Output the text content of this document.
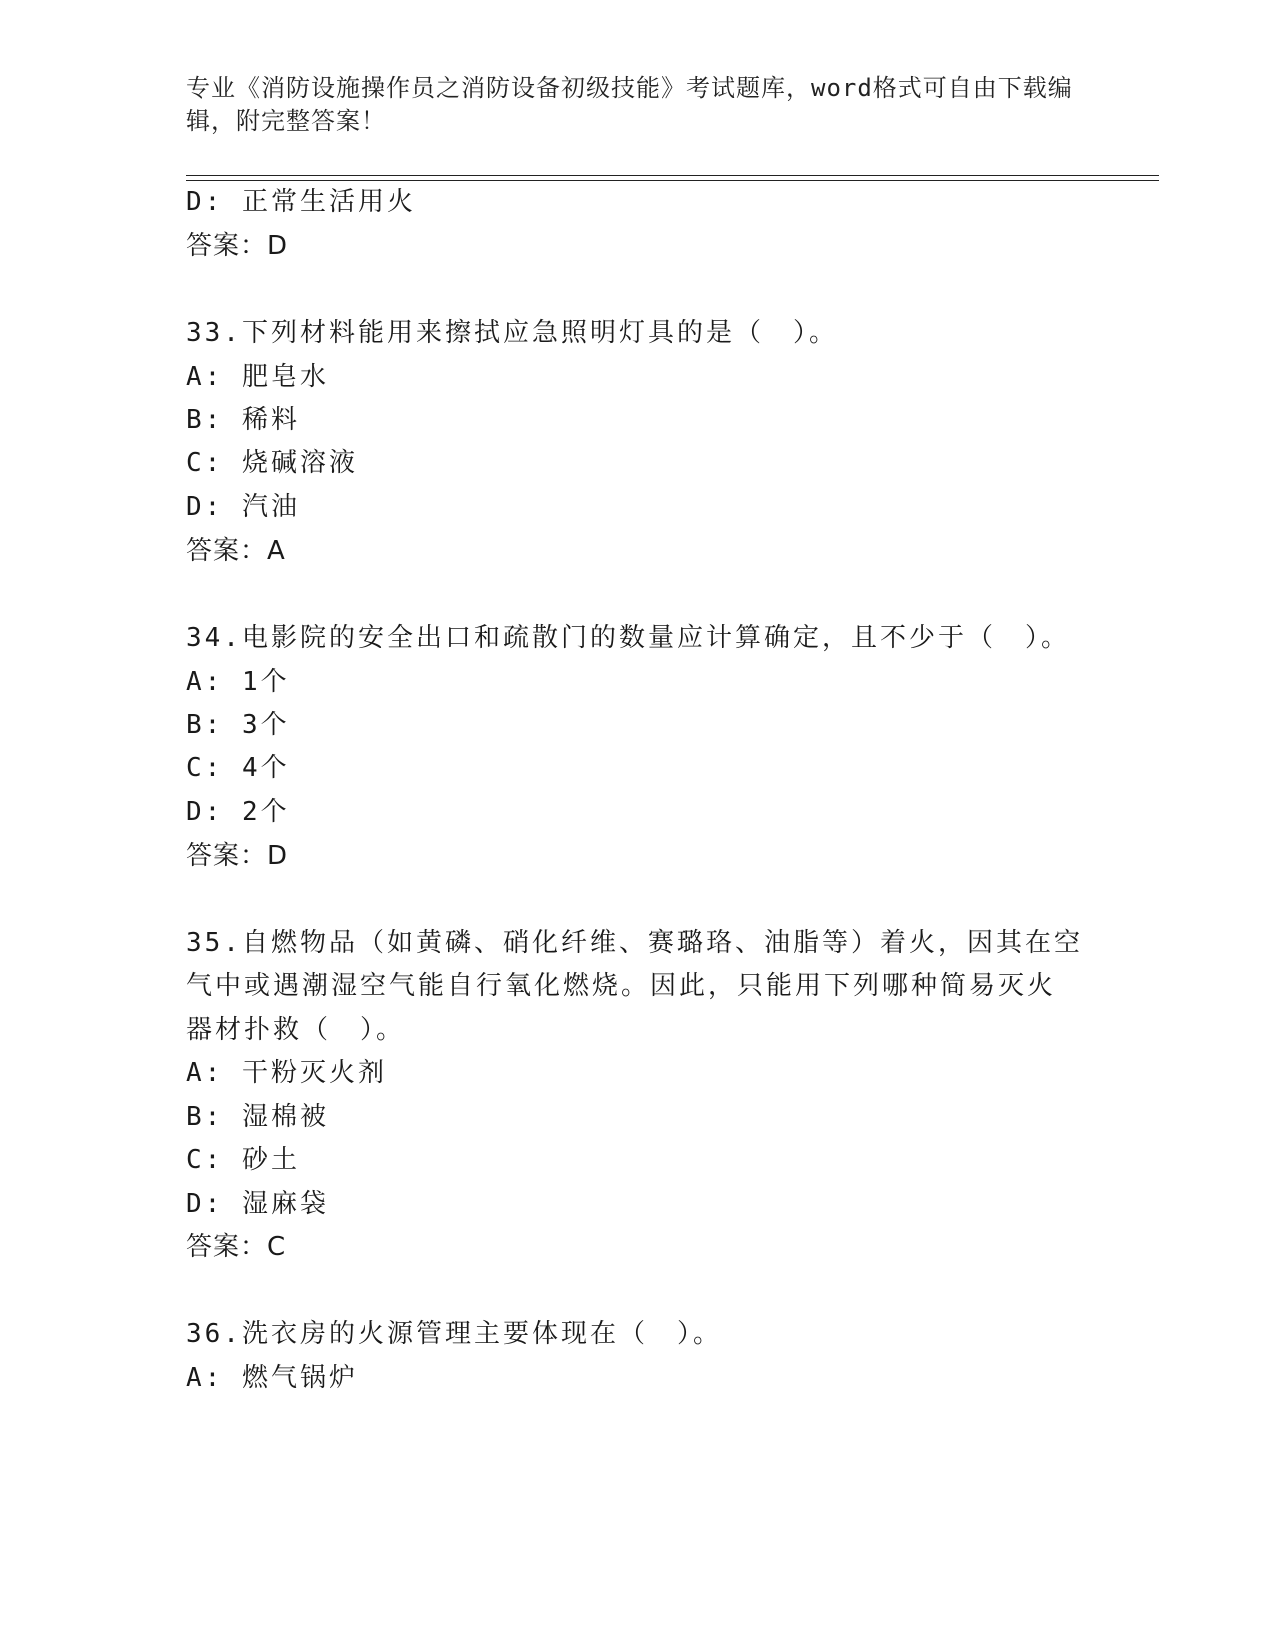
专业《消防设施操作员之消防设备初级技能》考试题库，word格式可自由下载编
辑，附完整答案！
D: 正常生活用火
答案：D
33.下列材料能用来擦拭应急照明灯具的是（　）。
A: 肥皂水
B: 稀料
C: 烧碱溶液
D: 汽油
答案：A
34.电影院的安全出口和疏散门的数量应计算确定，且不少于（　）。
A: 1个
B: 3个
C: 4个
D: 2个
答案：D
35.自燃物品（如黄磷、硝化纤维、赛璐珞、油脂等）着火，因其在空
气中或遇潮湿空气能自行氧化燃烧。因此，只能用下列哪种简易灭火
器材扑救（　）。
A: 干粉灭火剂
B: 湿棉被
C: 砂土
D: 湿麻袋
答案：C
36.洗衣房的火源管理主要体现在（　）。
A: 燃气锅炉
